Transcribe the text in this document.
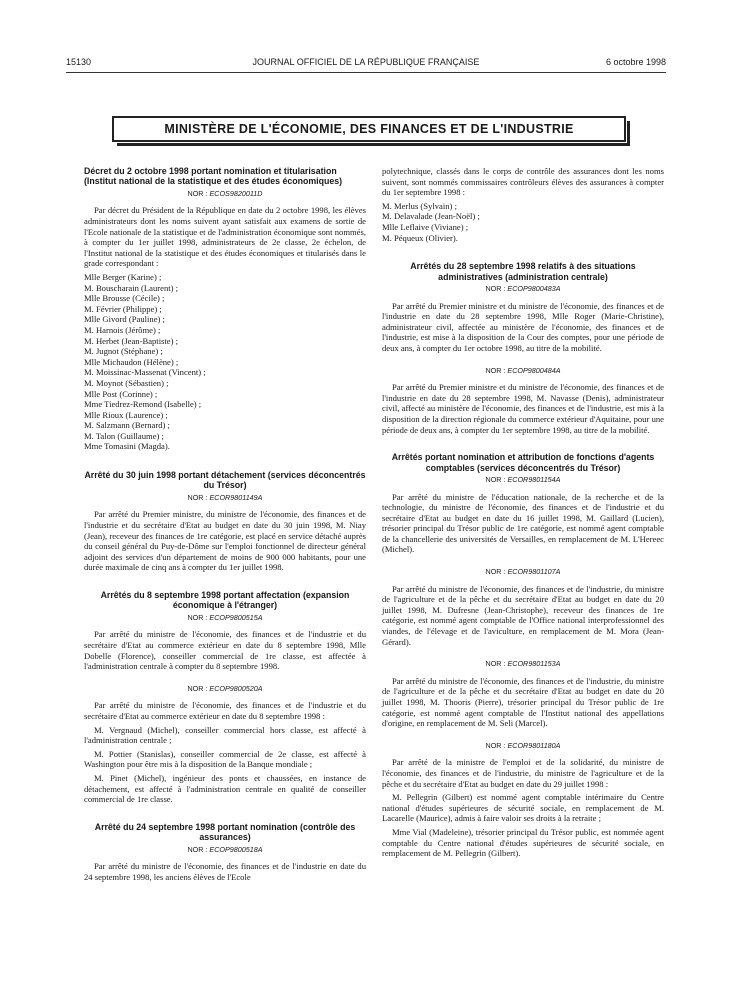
15130	JOURNAL OFFICIEL DE LA RÉPUBLIQUE FRANÇAISE	6 octobre 1998
MINISTÈRE DE L'ÉCONOMIE, DES FINANCES ET DE L'INDUSTRIE
Décret du 2 octobre 1998 portant nomination et titularisation (Institut national de la statistique et des études économiques)
NOR : ECOS9820011D

Par décret du Président de la République en date du 2 octobre 1998, les élèves administrateurs dont les noms suivent ayant satisfait aux examens de sortie de l'Ecole nationale de la statistique et de l'administration économique sont nommés, à compter du 1er juillet 1998, administrateurs de 2e classe, 2e échelon, de l'Institut national de la statistique et des études économiques et titularisés dans le grade correspondant :

Mlle Berger (Karine) ;
M. Bouscharain (Laurent) ;
Mlle Brousse (Cécile) ;
M. Février (Philippe) ;
Mlle Givord (Pauline) ;
M. Harnois (Jérôme) ;
M. Herbet (Jean-Baptiste) ;
M. Jugnot (Stéphane) ;
Mlle Michaudon (Hélène) ;
M. Moissinac-Massenat (Vincent) ;
M. Moynot (Sébastien) ;
Mlle Post (Corinne) ;
Mme Tiedrez-Remond (Isabelle) ;
Mlle Rioux (Laurence) ;
M. Salzmann (Bernard) ;
M. Talon (Guillaume) ;
Mme Tomasini (Magda).
Arrêté du 30 juin 1998 portant détachement (services déconcentrés du Trésor)
NOR : ECOR9801149A

Par arrêté du Premier ministre, du ministre de l'économie, des finances et de l'industrie et du secrétaire d'Etat au budget en date du 30 juin 1998, M. Niay (Jean), receveur des finances de 1re catégorie, est placé en service détaché auprès du conseil général du Puy-de-Dôme sur l'emploi fonctionnel de directeur général adjoint des services d'un département de moins de 900 000 habitants, pour une durée maximale de cinq ans à compter du 1er juillet 1998.

Arrêtés du 8 septembre 1998 portant affectation (expansion économique à l'étranger)
NOR : ECOP9800515A

Par arrêté du ministre de l'économie, des finances et de l'industrie et du secrétaire d'Etat au commerce extérieur en date du 8 septembre 1998, Mlle Dobelle (Florence), conseiller commercial de 1re classe, est affectée à l'administration centrale à compter du 8 septembre 1998.

NOR : ECOP9800520A

Par arrêté du ministre de l'économie, des finances et de l'industrie et du secrétaire d'Etat au commerce extérieur en date du 8 septembre 1998 :

M. Vergnaud (Michel), conseiller commercial hors classe, est affecté à l'administration centrale ;

M. Pottier (Stanislas), conseiller commercial de 2e classe, est affecté à Washington pour être mis à la disposition de la Banque mondiale ;

M. Pinet (Michel), ingénieur des ponts et chaussées, en instance de détachement, est affecté à l'administration centrale en qualité de conseiller commercial de 1re classe.

Arrêté du 24 septembre 1998 portant nomination (contrôle des assurances)
NOR : ECOP9800518A

Par arrêté du ministre de l'économie, des finances et de l'industrie en date du 24 septembre 1998, les anciens élèves de l'Ecole

polytechnique, classés dans le corps de contrôle des assurances dont les noms suivent, sont nommés commissaires contrôleurs élèves des assurances à compter du 1er septembre 1998 :

M. Merlus (Sylvain) ;
M. Delavalade (Jean-Noël) ;
Mlle Leflaive (Viviane) ;
M. Péqueux (Olivier).
Arrêtés du 28 septembre 1998 relatifs à des situations administratives (administration centrale)
NOR : ECOP9800483A

Par arrêté du Premier ministre et du ministre de l'économie, des finances et de l'industrie en date du 28 septembre 1998, Mlle Roger (Marie-Christine), administrateur civil, affectée au ministère de l'économie, des finances et de l'industrie, est mise à la disposition de la Cour des comptes, pour une période de deux ans, à compter du 1er octobre 1998, au titre de la mobilité.

NOR : ECOP9800484A

Par arrêté du Premier ministre et du ministre de l'économie, des finances et de l'industrie en date du 28 septembre 1998, M. Navasse (Denis), administrateur civil, affecté au ministère de l'économie, des finances et de l'industrie, est mis à la disposition de la direction régionale du commerce extérieur d'Aquitaine, pour une période de deux ans, à compter du 1er septembre 1998, au titre de la mobilité.

Arrêtés portant nomination et attribution de fonctions d'agents comptables (services déconcentrés du Trésor)
NOR : ECOR9801154A

Par arrêté du ministre de l'éducation nationale, de la recherche et de la technologie, du ministre de l'économie, des finances et de l'industrie et du secrétaire d'Etat au budget en date du 16 juillet 1998, M. Gaillard (Lucien), trésorier principal du Trésor public de 1re catégorie, est nommé agent comptable de la chancellerie des universités de Versailles, en remplacement de M. L'Hereec (Michel).

NOR : ECOR9801107A

Par arrêté du ministre de l'économie, des finances et de l'industrie, du ministre de l'agriculture et de la pêche et du secrétaire d'Etat au budget en date du 20 juillet 1998, M. Dufresne (Jean-Christophe), receveur des finances de 1re catégorie, est nommé agent comptable de l'Office national interprofessionnel des viandes, de l'élevage et de l'aviculture, en remplacement de M. Mora (Jean-Gérard).

NOR : ECOR9801153A

Par arrêté du ministre de l'économie, des finances et de l'industrie, du ministre de l'agriculture et de la pêche et du secrétaire d'Etat au budget en date du 20 juillet 1998, M. Thooris (Pierre), trésorier principal du Trésor public de 1re catégorie, est nommé agent comptable de l'Institut national des appellations d'origine, en remplacement de M. Seli (Marcel).

NOR : ECOR9801180A

Par arrêté de la ministre de l'emploi et de la solidarité, du ministre de l'économie, des finances et de l'industrie, du ministre de l'agriculture et de la pêche et du secrétaire d'Etat au budget en date du 29 juillet 1998 :

M. Pellegrin (Gilbert) est nommé agent comptable intérimaire du Centre national d'études supérieures de sécurité sociale, en remplacement de M. Lacarelle (Maurice), admis à faire valoir ses droits à la retraite ;

Mme Vial (Madeleine), trésorier principal du Trésor public, est nommée agent comptable du Centre national d'études supérieures de sécurité sociale, en remplacement de M. Pellegrin (Gilbert).
